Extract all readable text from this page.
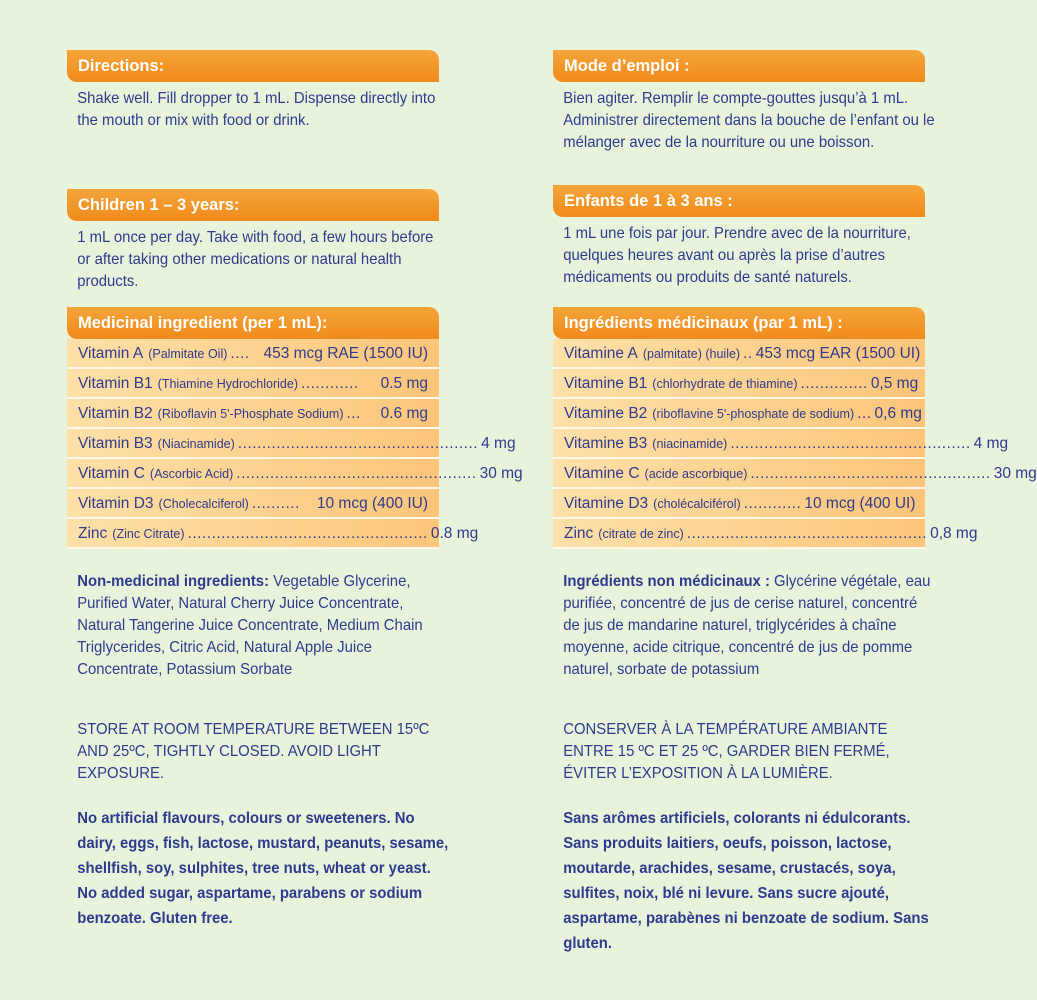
Directions:
Shake well. Fill dropper to 1 mL. Dispense directly into the mouth or mix with food or drink.
Children 1 – 3 years:
1 mL once per day. Take with food, a few hours before or after taking other medications or natural health products.
Medicinal ingredient (per 1 mL):
Vitamin A (Palmitate Oil) .... 453 mcg RAE (1500 IU)
Vitamin B1 (Thiamine Hydrochloride) ............	0.5 mg
Vitamin B2 (Riboflavin 5'-Phosphate Sodium) ...	0.6 mg
Vitamin B3 (Niacinamide) .................................................. 4 mg
Vitamin C (Ascorbic Acid) .................................................. 30 mg
Vitamin D3 (Cholecalciferol) ..........	10 mcg (400 IU)
Zinc (Zinc Citrate) .................................................. 0.8 mg
Non-medicinal ingredients: Vegetable Glycerine, Purified Water, Natural Cherry Juice Concentrate, Natural Tangerine Juice Concentrate, Medium Chain Triglycerides, Citric Acid, Natural Apple Juice Concentrate, Potassium Sorbate
STORE AT ROOM TEMPERATURE BETWEEN 15ºC AND 25ºC, TIGHTLY CLOSED. AVOID LIGHT EXPOSURE.
No artificial flavours, colours or sweeteners. No dairy, eggs, fish, lactose, mustard, peanuts, sesame, shellfish, soy, sulphites, tree nuts, wheat or yeast. No added sugar, aspartame, parabens or sodium benzoate. Gluten free.
Mode d’emploi :
Bien agiter. Remplir le compte-gouttes jusqu’à 1 mL. Administrer directement dans la bouche de l’enfant ou le mélanger avec de la nourriture ou une boisson.
Enfants de 1 à 3 ans :
1 mL une fois par jour. Prendre avec de la nourriture, quelques heures avant ou après la prise d’autres médicaments ou produits de santé naturels.
Ingrédients médicinaux (par 1 mL) :
Vitamine A (palmitate) (huile) .. 453 mcg EAR (1500 UI)
Vitamine B1 (chlorhydrate de thiamine) .............. 0,5 mg
Vitamine B2 (riboflavine 5'-phosphate de sodium) ... 0,6 mg
Vitamine B3 (niacinamide) .................................................. 4 mg
Vitamine C (acide ascorbique) .................................................. 30 mg
Vitamine D3 (cholécalciférol) ............ 10 mcg (400 UI)
Zinc (citrate de zinc) .................................................. 0,8 mg
Ingrédients non médicinaux : Glycérine végétale, eau purifiée, concentré de jus de cerise naturel, concentré de jus de mandarine naturel, triglycérides à chaîne moyenne, acide citrique, concentré de jus de pomme naturel, sorbate de potassium
CONSERVER À LA TEMPÉRATURE AMBIANTE ENTRE 15 ºC ET 25 ºC, GARDER BIEN FERMÉ, ÉVITER L’EXPOSITION À LA LUMIÈRE.
Sans arômes artificiels, colorants ni édulcorants. Sans produits laitiers, oeufs, poisson, lactose, moutarde, arachides, sesame, crustacés, soya, sulfites, noix, blé ni levure. Sans sucre ajouté, aspartame, parabènes ni benzoate de sodium. Sans gluten.
